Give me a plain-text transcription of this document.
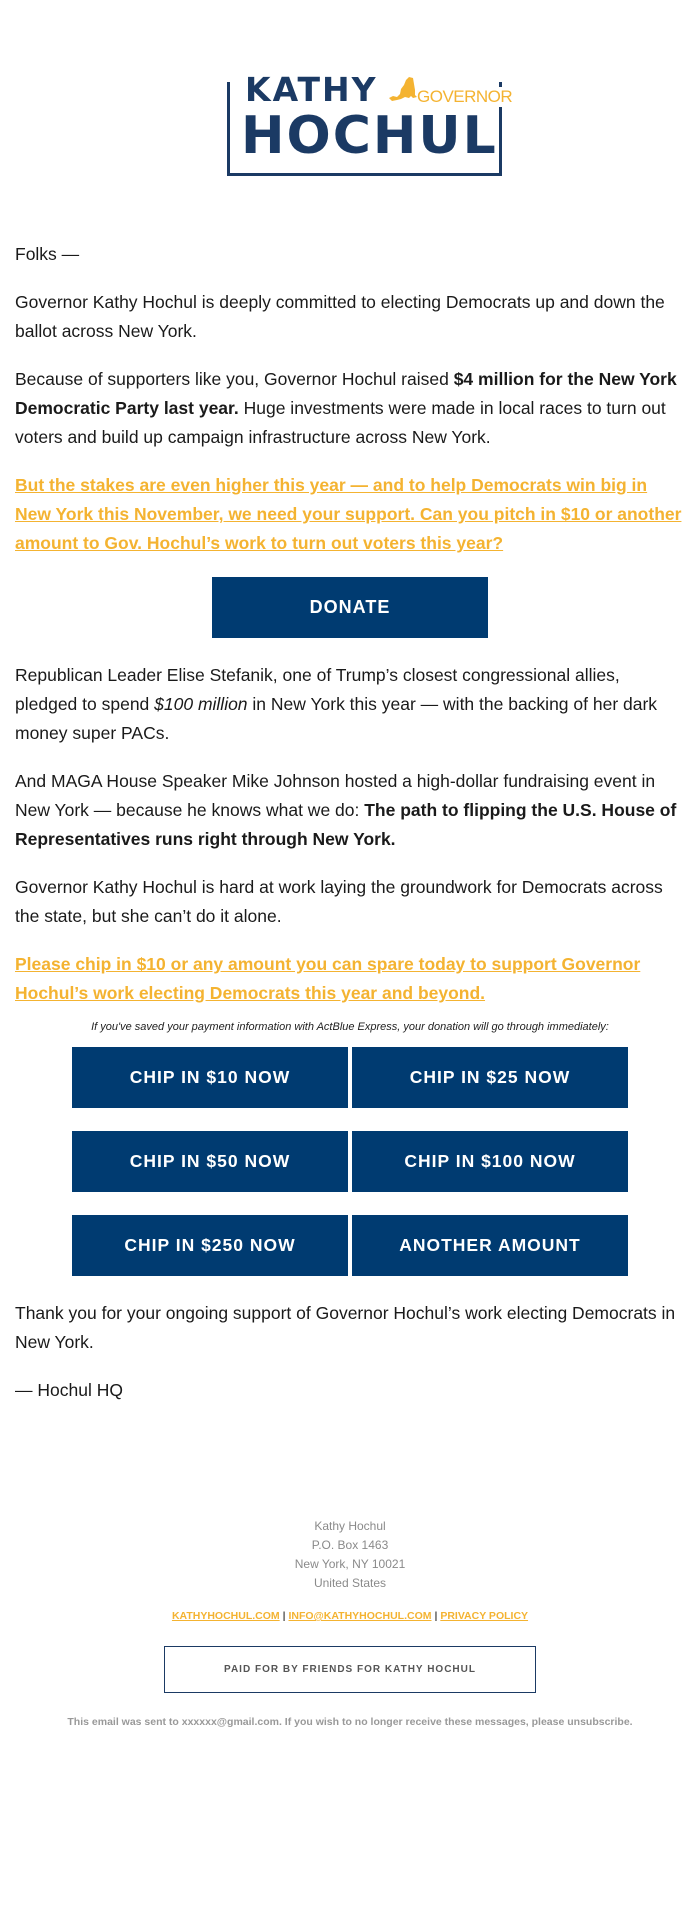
KATHY GOVERNOR
HOCHUL

Folks —

Governor Kathy Hochul is deeply committed to electing Democrats up and down the ballot across New York.

Because of supporters like you, Governor Hochul raised $4 million for the New York Democratic Party last year. Huge investments were made in local races to turn out voters and build up campaign infrastructure across New York.

But the stakes are even higher this year — and to help Democrats win big in New York this November, we need your support. Can you pitch in $10 or another amount to Gov. Hochul’s work to turn out voters this year?

DONATE

Republican Leader Elise Stefanik, one of Trump’s closest congressional allies, pledged to spend $100 million in New York this year — with the backing of her dark money super PACs.

And MAGA House Speaker Mike Johnson hosted a high-dollar fundraising event in New York — because he knows what we do: The path to flipping the U.S. House of Representatives runs right through New York.

Governor Kathy Hochul is hard at work laying the groundwork for Democrats across the state, but she can’t do it alone.

Please chip in $10 or any amount you can spare today to support Governor Hochul’s work electing Democrats this year and beyond.

If you've saved your payment information with ActBlue Express, your donation will go through immediately:
CHIP IN $10 NOW	CHIP IN $25 NOW
CHIP IN $50 NOW	CHIP IN $100 NOW
CHIP IN $250 NOW	ANOTHER AMOUNT

Thank you for your ongoing support of Governor Hochul’s work electing Democrats in New York.

— Hochul HQ

Kathy Hochul
P.O. Box 1463
New York, NY 10021
United States
KATHYHOCHUL.COM | INFO@KATHYHOCHUL.COM | PRIVACY POLICY
PAID FOR BY FRIENDS FOR KATHY HOCHUL
This email was sent to xxxxxx@gmail.com. If you wish to no longer receive these messages, please unsubscribe.
